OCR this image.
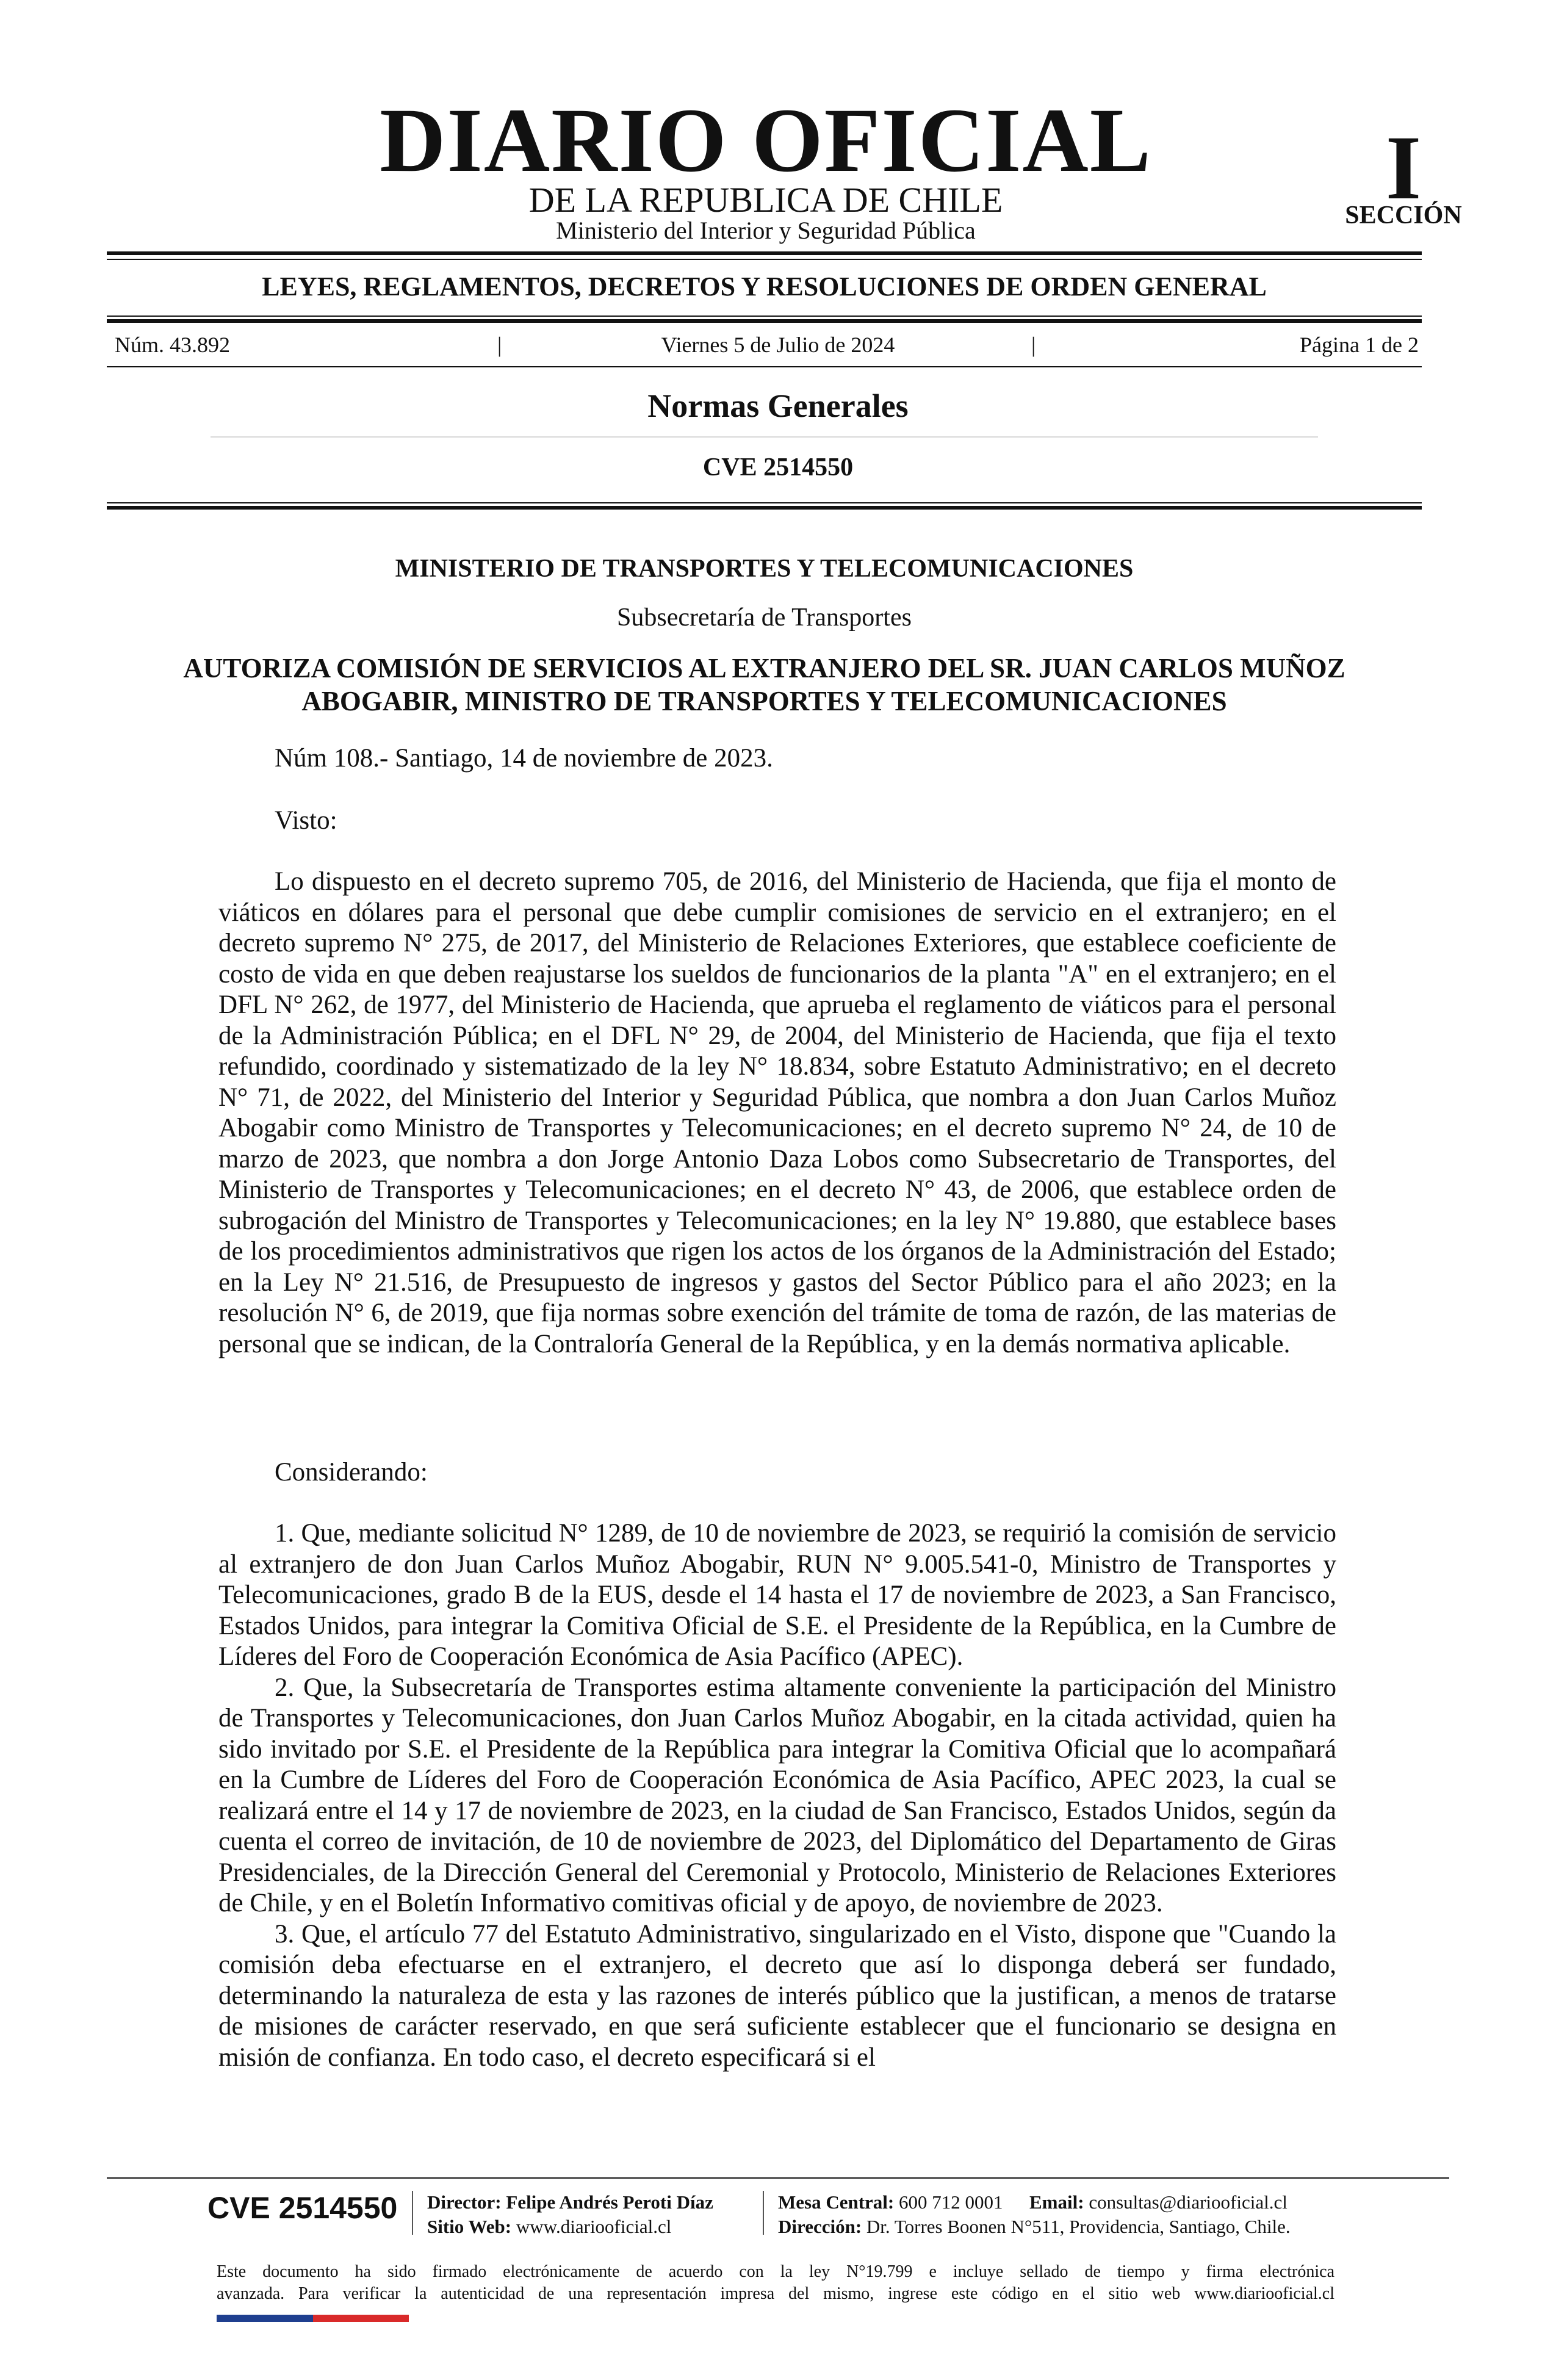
DIARIO OFICIAL
DE LA REPUBLICA DE CHILE
Ministerio del Interior y Seguridad Pública
I
SECCIÓN
LEYES, REGLAMENTOS, DECRETOS Y RESOLUCIONES DE ORDEN GENERAL
Núm. 43.892	|	Viernes 5 de Julio de 2024	|	Página 1 de 2
Normas Generales
CVE 2514550
MINISTERIO DE TRANSPORTES Y TELECOMUNICACIONES
Subsecretaría de Transportes
AUTORIZA COMISIÓN DE SERVICIOS AL EXTRANJERO DEL SR. JUAN CARLOS MUÑOZ ABOGABIR, MINISTRO DE TRANSPORTES Y TELECOMUNICACIONES
Núm 108.- Santiago, 14 de noviembre de 2023.
Visto:
Lo dispuesto en el decreto supremo 705, de 2016, del Ministerio de Hacienda, que fija el monto de viáticos en dólares para el personal que debe cumplir comisiones de servicio en el extranjero; en el decreto supremo N° 275, de 2017, del Ministerio de Relaciones Exteriores, que establece coeficiente de costo de vida en que deben reajustarse los sueldos de funcionarios de la planta "A" en el extranjero; en el DFL N° 262, de 1977, del Ministerio de Hacienda, que aprueba el reglamento de viáticos para el personal de la Administración Pública; en el DFL N° 29, de 2004, del Ministerio de Hacienda, que fija el texto refundido, coordinado y sistematizado de la ley N° 18.834, sobre Estatuto Administrativo; en el decreto N° 71, de 2022, del Ministerio del Interior y Seguridad Pública, que nombra a don Juan Carlos Muñoz Abogabir como Ministro de Transportes y Telecomunicaciones; en el decreto supremo N° 24, de 10 de marzo de 2023, que nombra a don Jorge Antonio Daza Lobos como Subsecretario de Transportes, del Ministerio de Transportes y Telecomunicaciones; en el decreto N° 43, de 2006, que establece orden de subrogación del Ministro de Transportes y Telecomunicaciones; en la ley N° 19.880, que establece bases de los procedimientos administrativos que rigen los actos de los órganos de la Administración del Estado; en la Ley N° 21.516, de Presupuesto de ingresos y gastos del Sector Público para el año 2023; en la resolución N° 6, de 2019, que fija normas sobre exención del trámite de toma de razón, de las materias de personal que se indican, de la Contraloría General de la República, y en la demás normativa aplicable.
Considerando:

1. Que, mediante solicitud N° 1289, de 10 de noviembre de 2023, se requirió la comisión de servicio al extranjero de don Juan Carlos Muñoz Abogabir, RUN N° 9.005.541-0, Ministro de Transportes y Telecomunicaciones, grado B de la EUS, desde el 14 hasta el 17 de noviembre de 2023, a San Francisco, Estados Unidos, para integrar la Comitiva Oficial de S.E. el Presidente de la República, en la Cumbre de Líderes del Foro de Cooperación Económica de Asia Pacífico (APEC).

2. Que, la Subsecretaría de Transportes estima altamente conveniente la participación del Ministro de Transportes y Telecomunicaciones, don Juan Carlos Muñoz Abogabir, en la citada actividad, quien ha sido invitado por S.E. el Presidente de la República para integrar la Comitiva Oficial que lo acompañará en la Cumbre de Líderes del Foro de Cooperación Económica de Asia Pacífico, APEC 2023, la cual se realizará entre el 14 y 17 de noviembre de 2023, en la ciudad de San Francisco, Estados Unidos, según da cuenta el correo de invitación, de 10 de noviembre de 2023, del Diplomático del Departamento de Giras Presidenciales, de la Dirección General del Ceremonial y Protocolo, Ministerio de Relaciones Exteriores de Chile, y en el Boletín Informativo comitivas oficial y de apoyo, de noviembre de 2023.

3. Que, el artículo 77 del Estatuto Administrativo, singularizado en el Visto, dispone que "Cuando la comisión deba efectuarse en el extranjero, el decreto que así lo disponga deberá ser fundado, determinando la naturaleza de esta y las razones de interés público que la justifican, a menos de tratarse de misiones de carácter reservado, en que será suficiente establecer que el funcionario se designa en misión de confianza. En todo caso, el decreto especificará si el

CVE 2514550 Director: Felipe Andrés Peroti Díaz
Sitio Web: www.diariooficial.cl
Mesa Central: 600 712 0001 Email: consultas@diariooficial.cl
Dirección: Dr. Torres Boonen N°511, Providencia, Santiago, Chile.
Este documento ha sido firmado electrónicamente de acuerdo con la ley N°19.799 e incluye sellado de tiempo y firma electrónica
avanzada. Para verificar la autenticidad de una representación impresa del mismo, ingrese este código en el sitio web www.diariooficial.cl
